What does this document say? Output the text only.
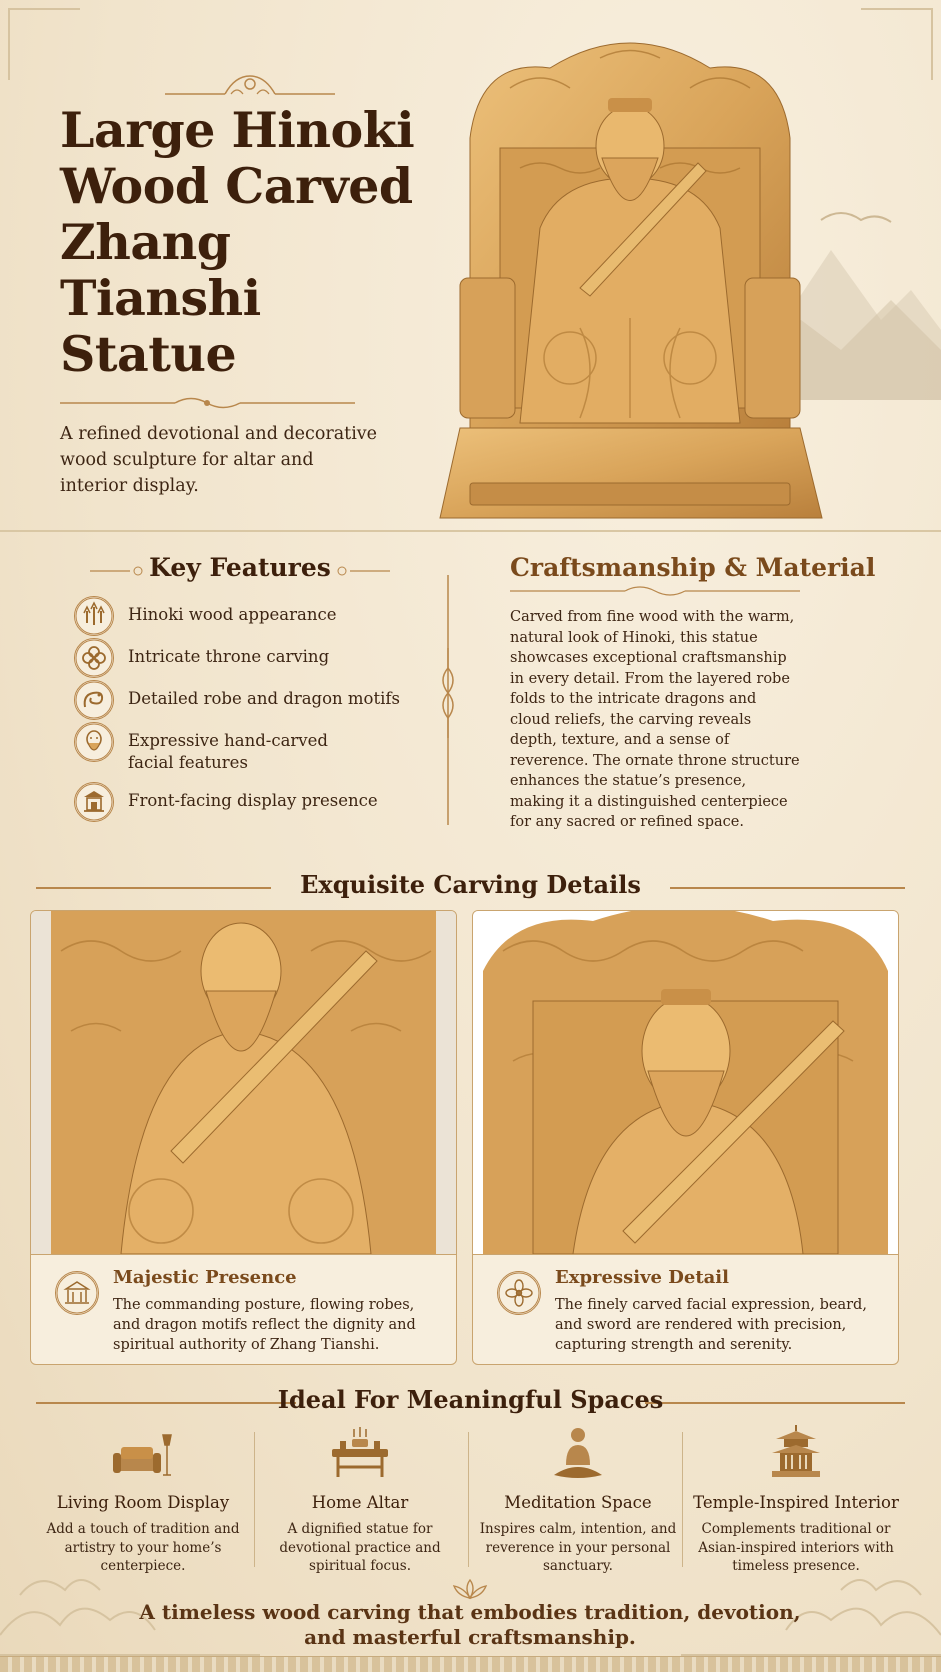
Large Hinoki Wood Carved Zhang Tianshi Statue

A refined devotional and decorative wood sculpture for altar and interior display.

Key Features
Hinoki wood appearance
Intricate throne carving
Detailed robe and dragon motifs
Expressive hand-carved facial features
Front-facing display presence
Craftsmanship & Material

Carved from fine wood with the warm, natural look of Hinoki, this statue showcases exceptional craftsmanship in every detail. From the layered robe folds to the intricate dragons and cloud reliefs, the carving reveals depth, texture, and a sense of reverence. The ornate throne structure enhances the statue’s presence, making it a distinguished centerpiece for any sacred or refined space.

Exquisite Carving Details
Majestic Presence

The commanding posture, flowing robes, and dragon motifs reflect the dignity and spiritual authority of Zhang Tianshi.

Expressive Detail

The finely carved facial expression, beard, and sword are rendered with precision, capturing strength and serenity.

Ideal For Meaningful Spaces
Living Room Display

Add a touch of tradition and artistry to your home’s centerpiece.

Home Altar

A dignified statue for devotional practice and spiritual focus.

Meditation Space

Inspires calm, intention, and reverence in your personal sanctuary.

Temple-Inspired Interior

Complements traditional or Asian-inspired interiors with timeless presence.

A timeless wood carving that embodies tradition, devotion, and masterful craftsmanship.
